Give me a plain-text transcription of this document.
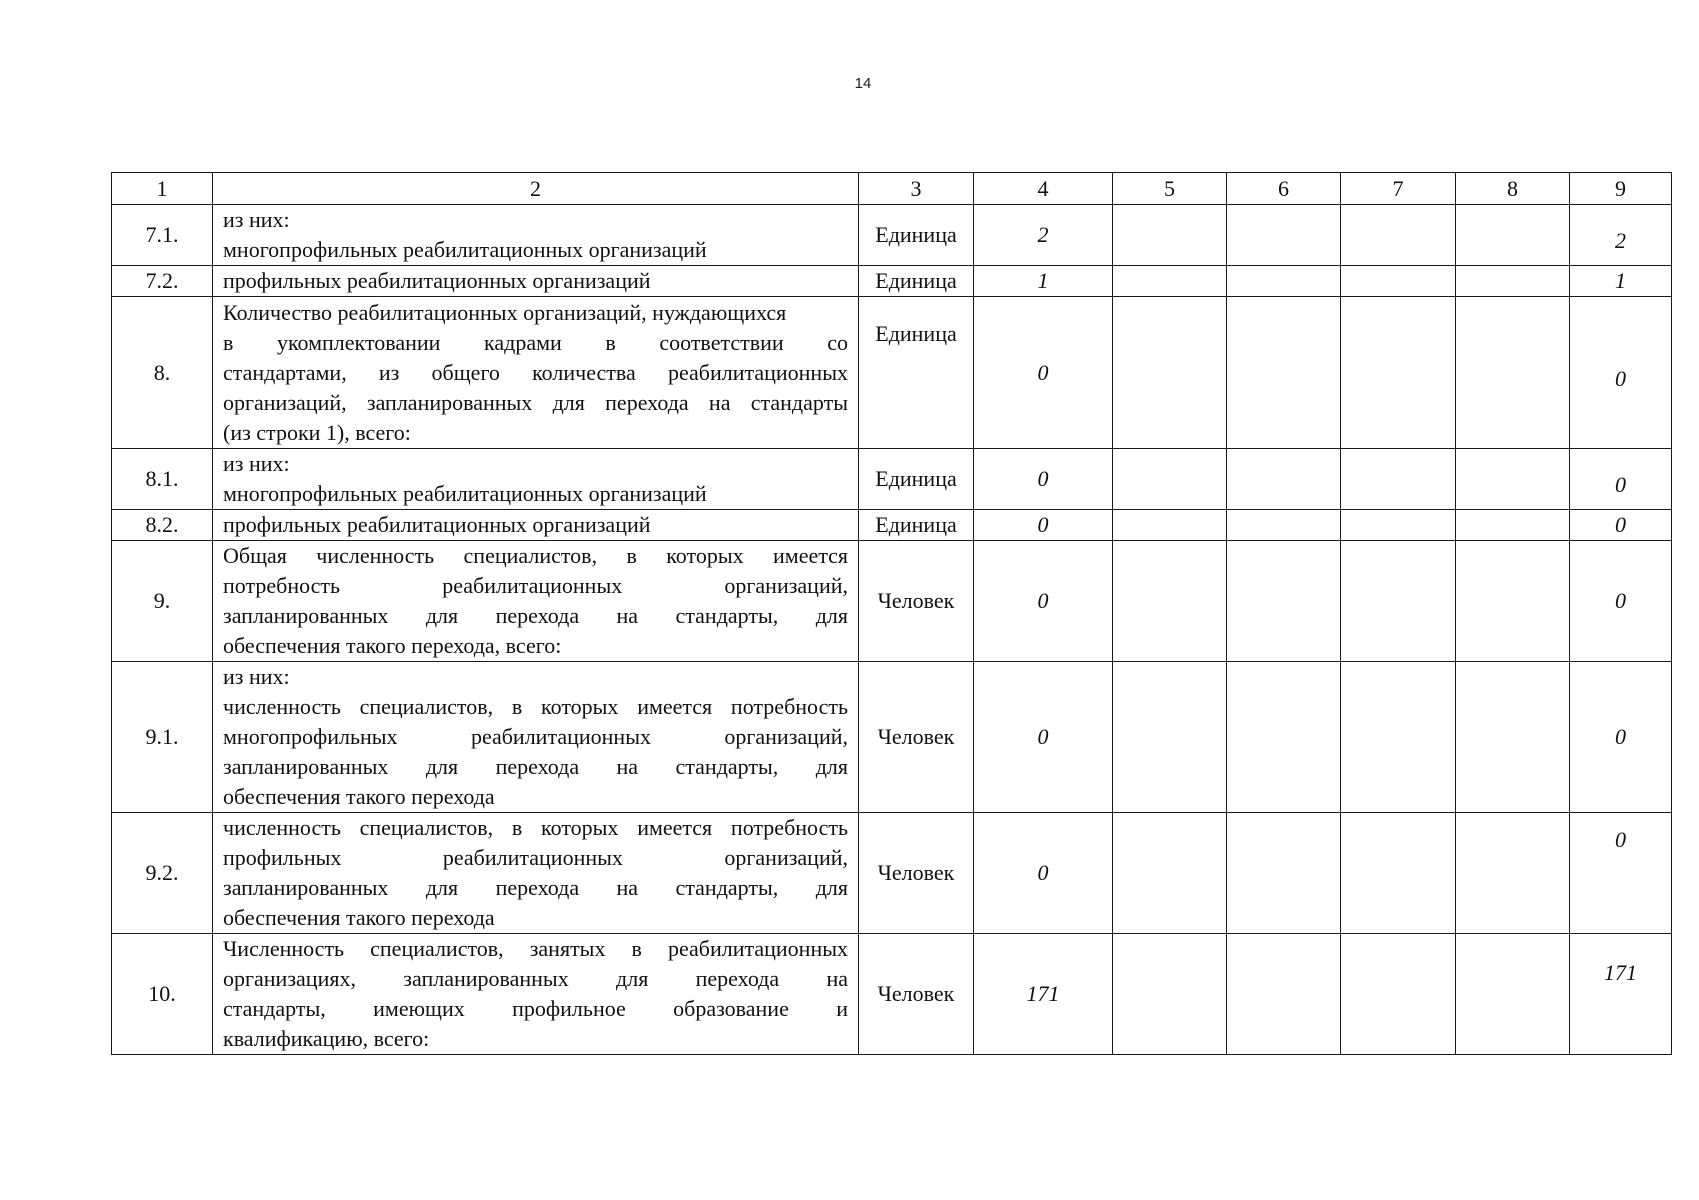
14
1	2	3	4	5	6	7	8	9
7.1.	из них:
многопрофильных реабилитационных организаций	Единица	2					2
7.2.	профильных реабилитационных организаций	Единица	1					1
8.	Количество реабилитационных организаций, нуждающихся
в укомплектовании кадрами в соответствии со
стандартами, из общего количества реабилитационных
организаций, запланированных для перехода на стандарты
(из строки 1), всего:	Единица	0					0
8.1.	из них:
многопрофильных реабилитационных организаций	Единица	0					0
8.2.	профильных реабилитационных организаций	Единица	0					0
9.	Общая численность специалистов, в которых имеется
потребность реабилитационных организаций,
запланированных для перехода на стандарты, для
обеспечения такого перехода, всего:	Человек	0					0
9.1.	из них:
численность специалистов, в которых имеется потребность
многопрофильных реабилитационных организаций,
запланированных для перехода на стандарты, для
обеспечения такого перехода	Человек	0					0
9.2.	численность специалистов, в которых имеется потребность
профильных реабилитационных организаций,
запланированных для перехода на стандарты, для
обеспечения такого перехода	Человек	0					0
10.	Численность специалистов, занятых в реабилитационных
организациях, запланированных для перехода на
стандарты, имеющих профильное образование и
квалификацию, всего:	Человек	171					171
